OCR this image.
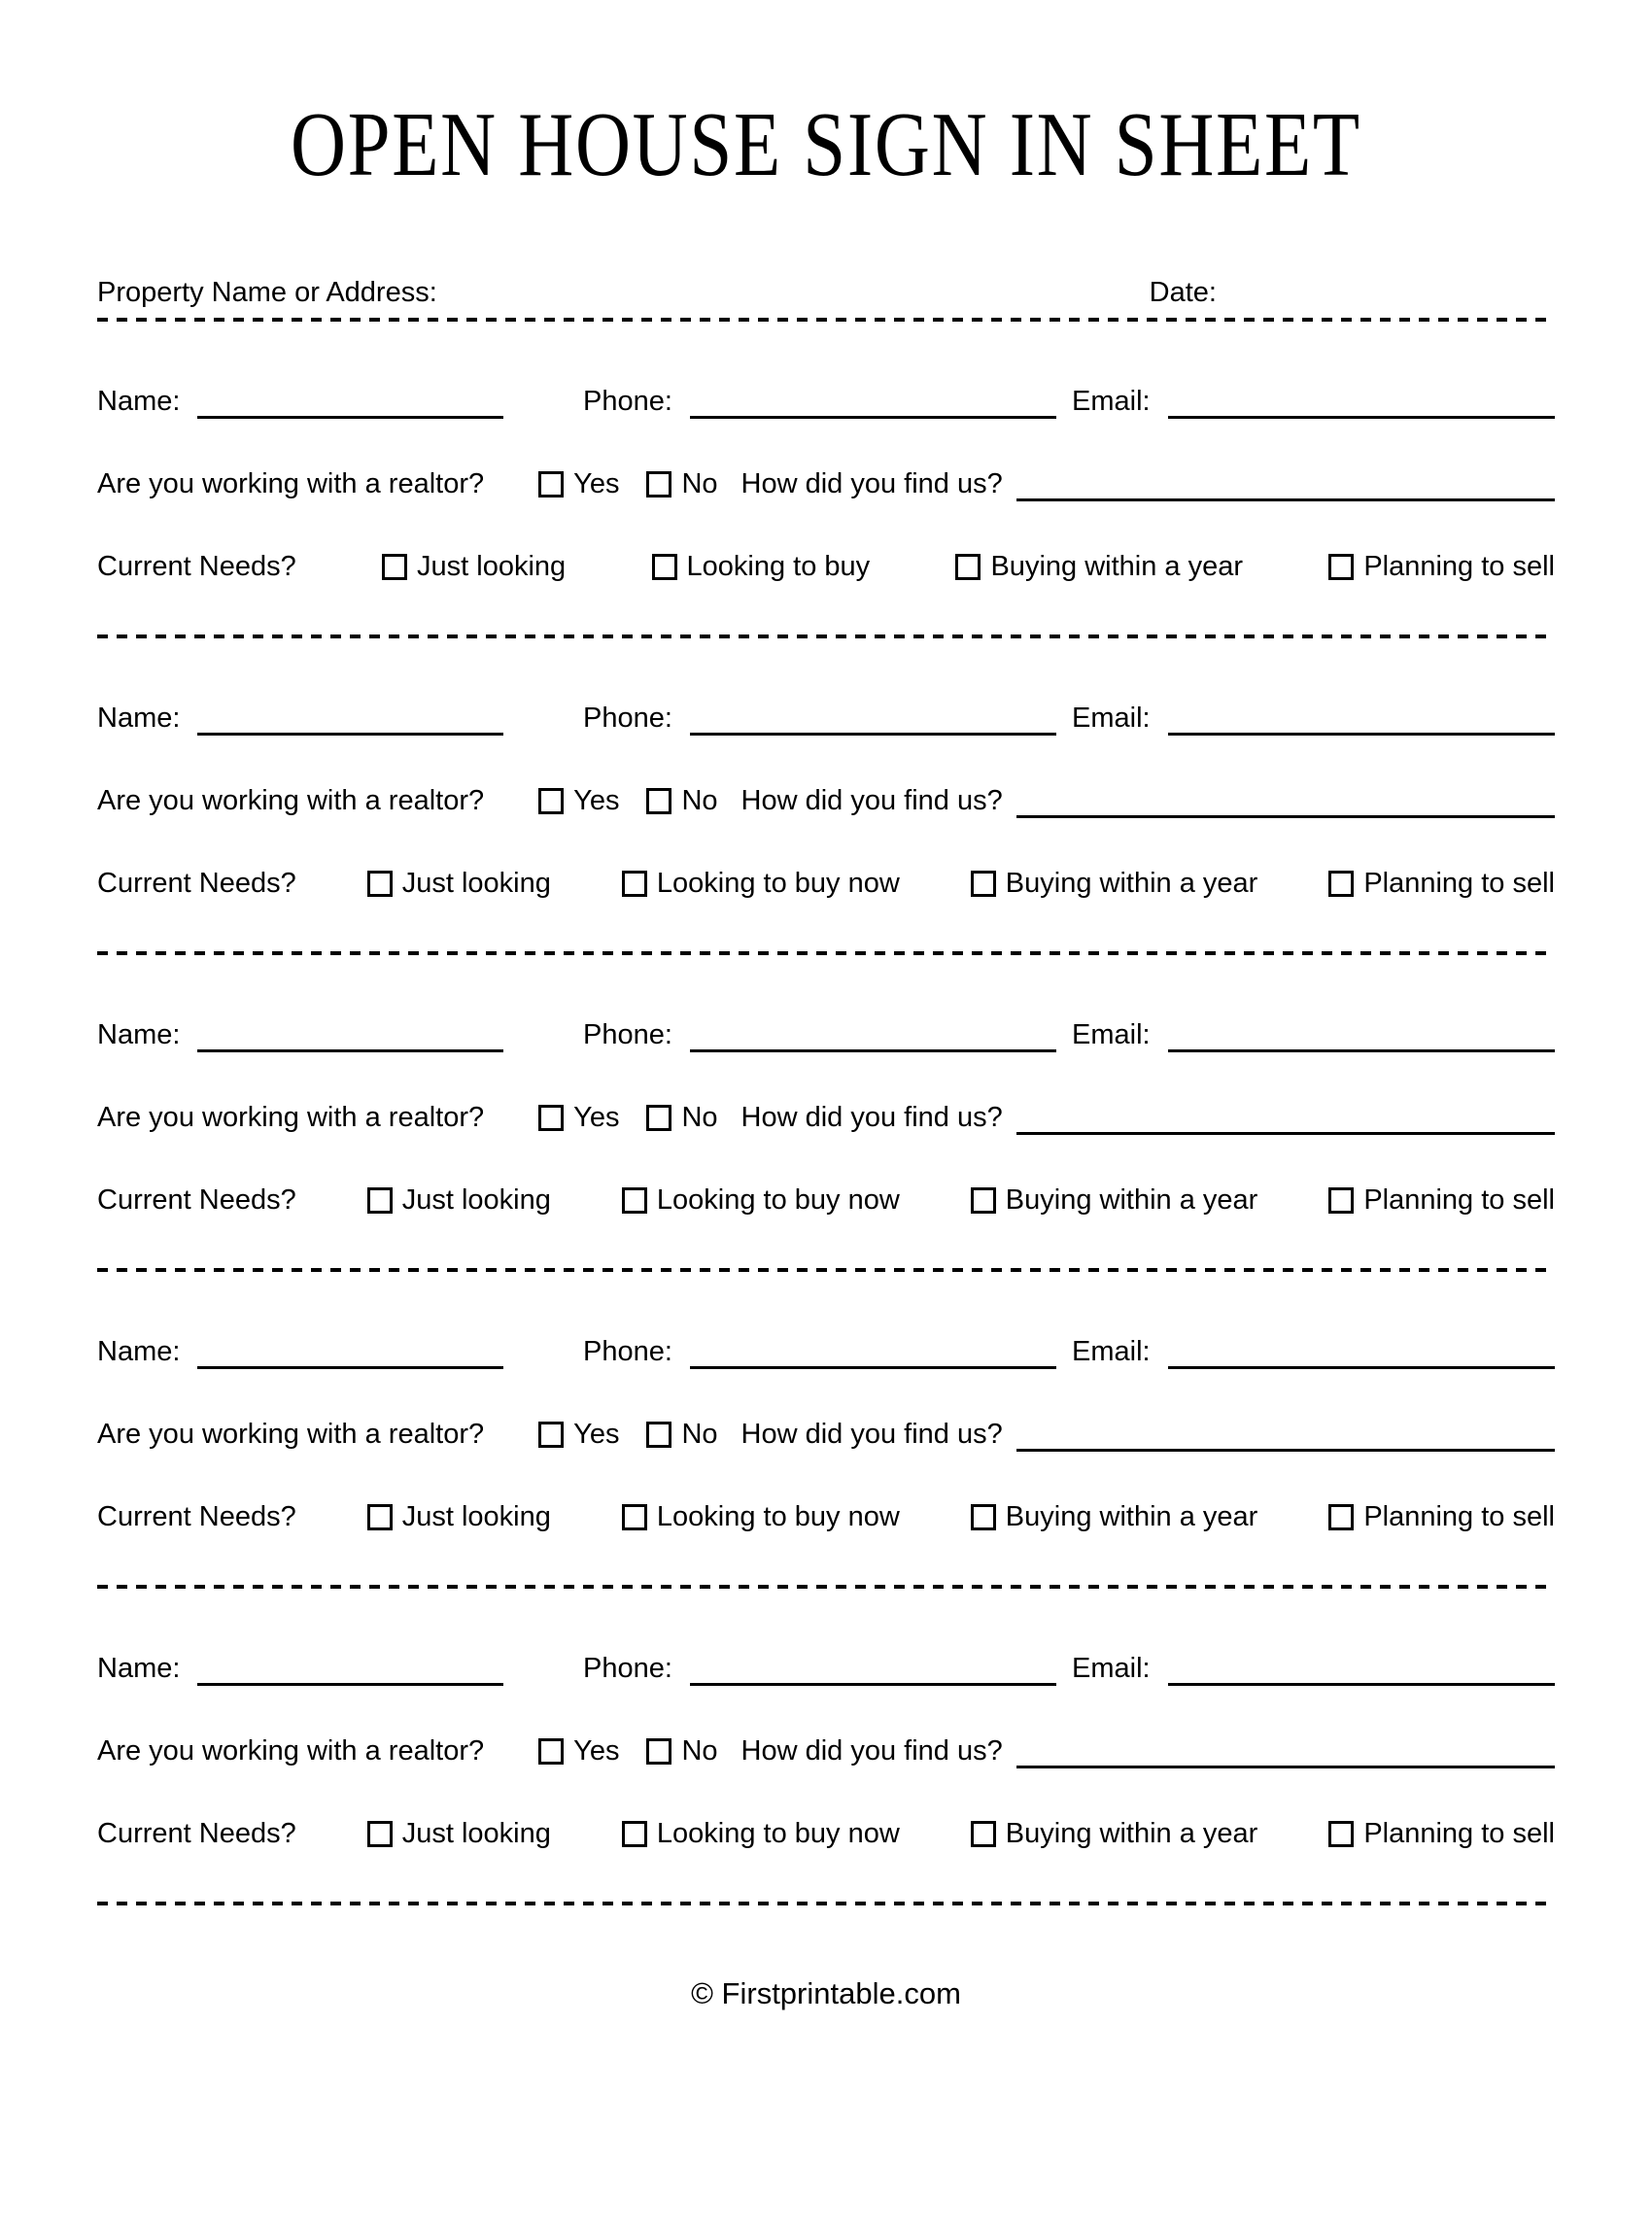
OPEN HOUSE SIGN IN SHEET
Property Name or Address:	Date:
Name:	Phone:	Email:
Are you working with a realtor?	Yes No How did you find us?
Current Needs?	Just looking	Looking to buy	Buying within a year	Planning to sell
Name:	Phone:	Email:
Are you working with a realtor?	Yes No How did you find us?
Current Needs?	Just looking	Looking to buy now	Buying within a year	Planning to sell
Name:	Phone:	Email:
Are you working with a realtor?	Yes No How did you find us?
Current Needs?	Just looking	Looking to buy now	Buying within a year	Planning to sell
Name:	Phone:	Email:
Are you working with a realtor?	Yes No How did you find us?
Current Needs?	Just looking	Looking to buy now	Buying within a year	Planning to sell
Name:	Phone:	Email:
Are you working with a realtor?	Yes No How did you find us?
Current Needs?	Just looking	Looking to buy now	Buying within a year	Planning to sell
© Firstprintable.com
